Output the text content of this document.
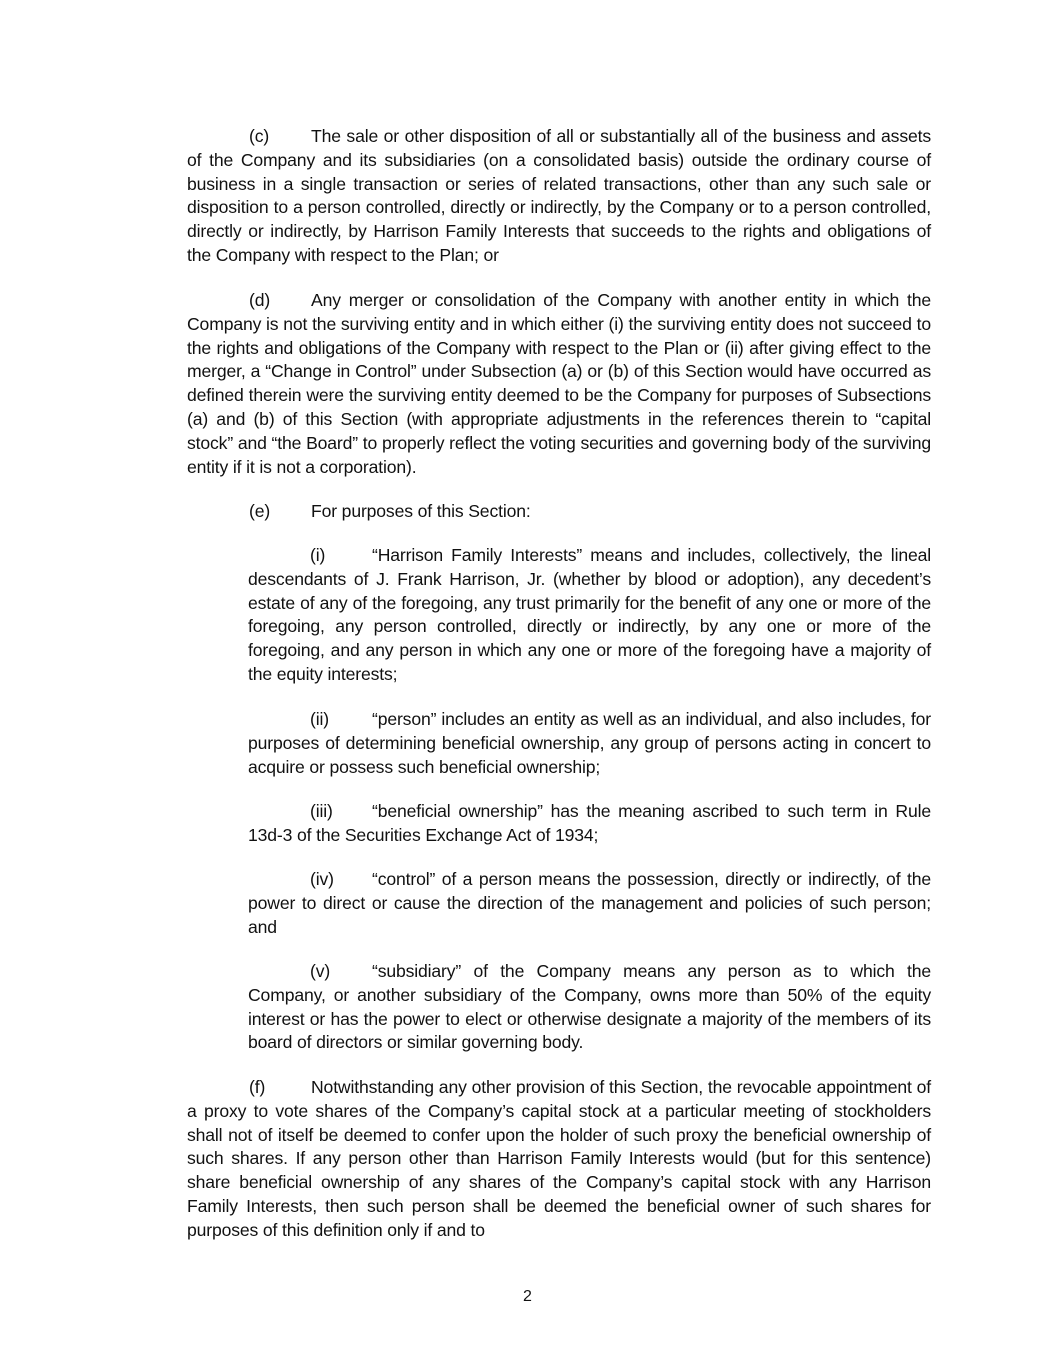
(c) The sale or other disposition of all or substantially all of the business and assets of the Company and its subsidiaries (on a consolidated basis) outside the ordinary course of business in a single transaction or series of related transactions, other than any such sale or disposition to a person controlled, directly or indirectly, by the Company or to a person controlled, directly or indirectly, by Harrison Family Interests that succeeds to the rights and obligations of the Company with respect to the Plan; or

(d) Any merger or consolidation of the Company with another entity in which the Company is not the surviving entity and in which either (i) the surviving entity does not succeed to the rights and obligations of the Company with respect to the Plan or (ii) after giving effect to the merger, a “Change in Control” under Subsection (a) or (b) of this Section would have occurred as defined therein were the surviving entity deemed to be the Company for purposes of Subsections (a) and (b) of this Section (with appropriate adjustments in the references therein to “capital stock” and “the Board” to properly reflect the voting securities and governing body of the surviving entity if it is not a corporation).

(e) For purposes of this Section:

(i)	“Harrison Family Interests” means and includes, collectively, the lineal descendants of J. Frank Harrison, Jr. (whether by blood or adoption), any decedent’s estate of any of the foregoing, any trust primarily for the benefit of any one or more of the foregoing, any person controlled, directly or indirectly, by any one or more of the foregoing, and any person in which any one or more of the foregoing have a majority of the equity interests;

(ii) “person” includes an entity as well as an individual, and also includes, for purposes of determining beneficial ownership, any group of persons acting in concert to acquire or possess such beneficial ownership;

(iii) “beneficial ownership” has the meaning ascribed to such term in Rule 13d-3 of the Securities Exchange Act of 1934;

(iv) “control” of a person means the possession, directly or indirectly, of the power to direct or cause the direction of the management and policies of such person; and

(v) “subsidiary” of the Company means any person as to which the Company, or another subsidiary of the Company, owns more than 50% of the equity interest or has the power to elect or otherwise designate a majority of the members of its board of directors or similar governing body.

(f)	Notwithstanding any other provision of this Section, the revocable appointment of a proxy to vote shares of the Company’s capital stock at a particular meeting of stockholders shall not of itself be deemed to confer upon the holder of such proxy the beneficial ownership of such shares. If any person other than Harrison Family Interests would (but for this sentence) share beneficial ownership of any shares of the Company’s capital stock with any Harrison Family Interests, then such person shall be deemed the beneficial owner of such shares for purposes of this definition only if and to

2
